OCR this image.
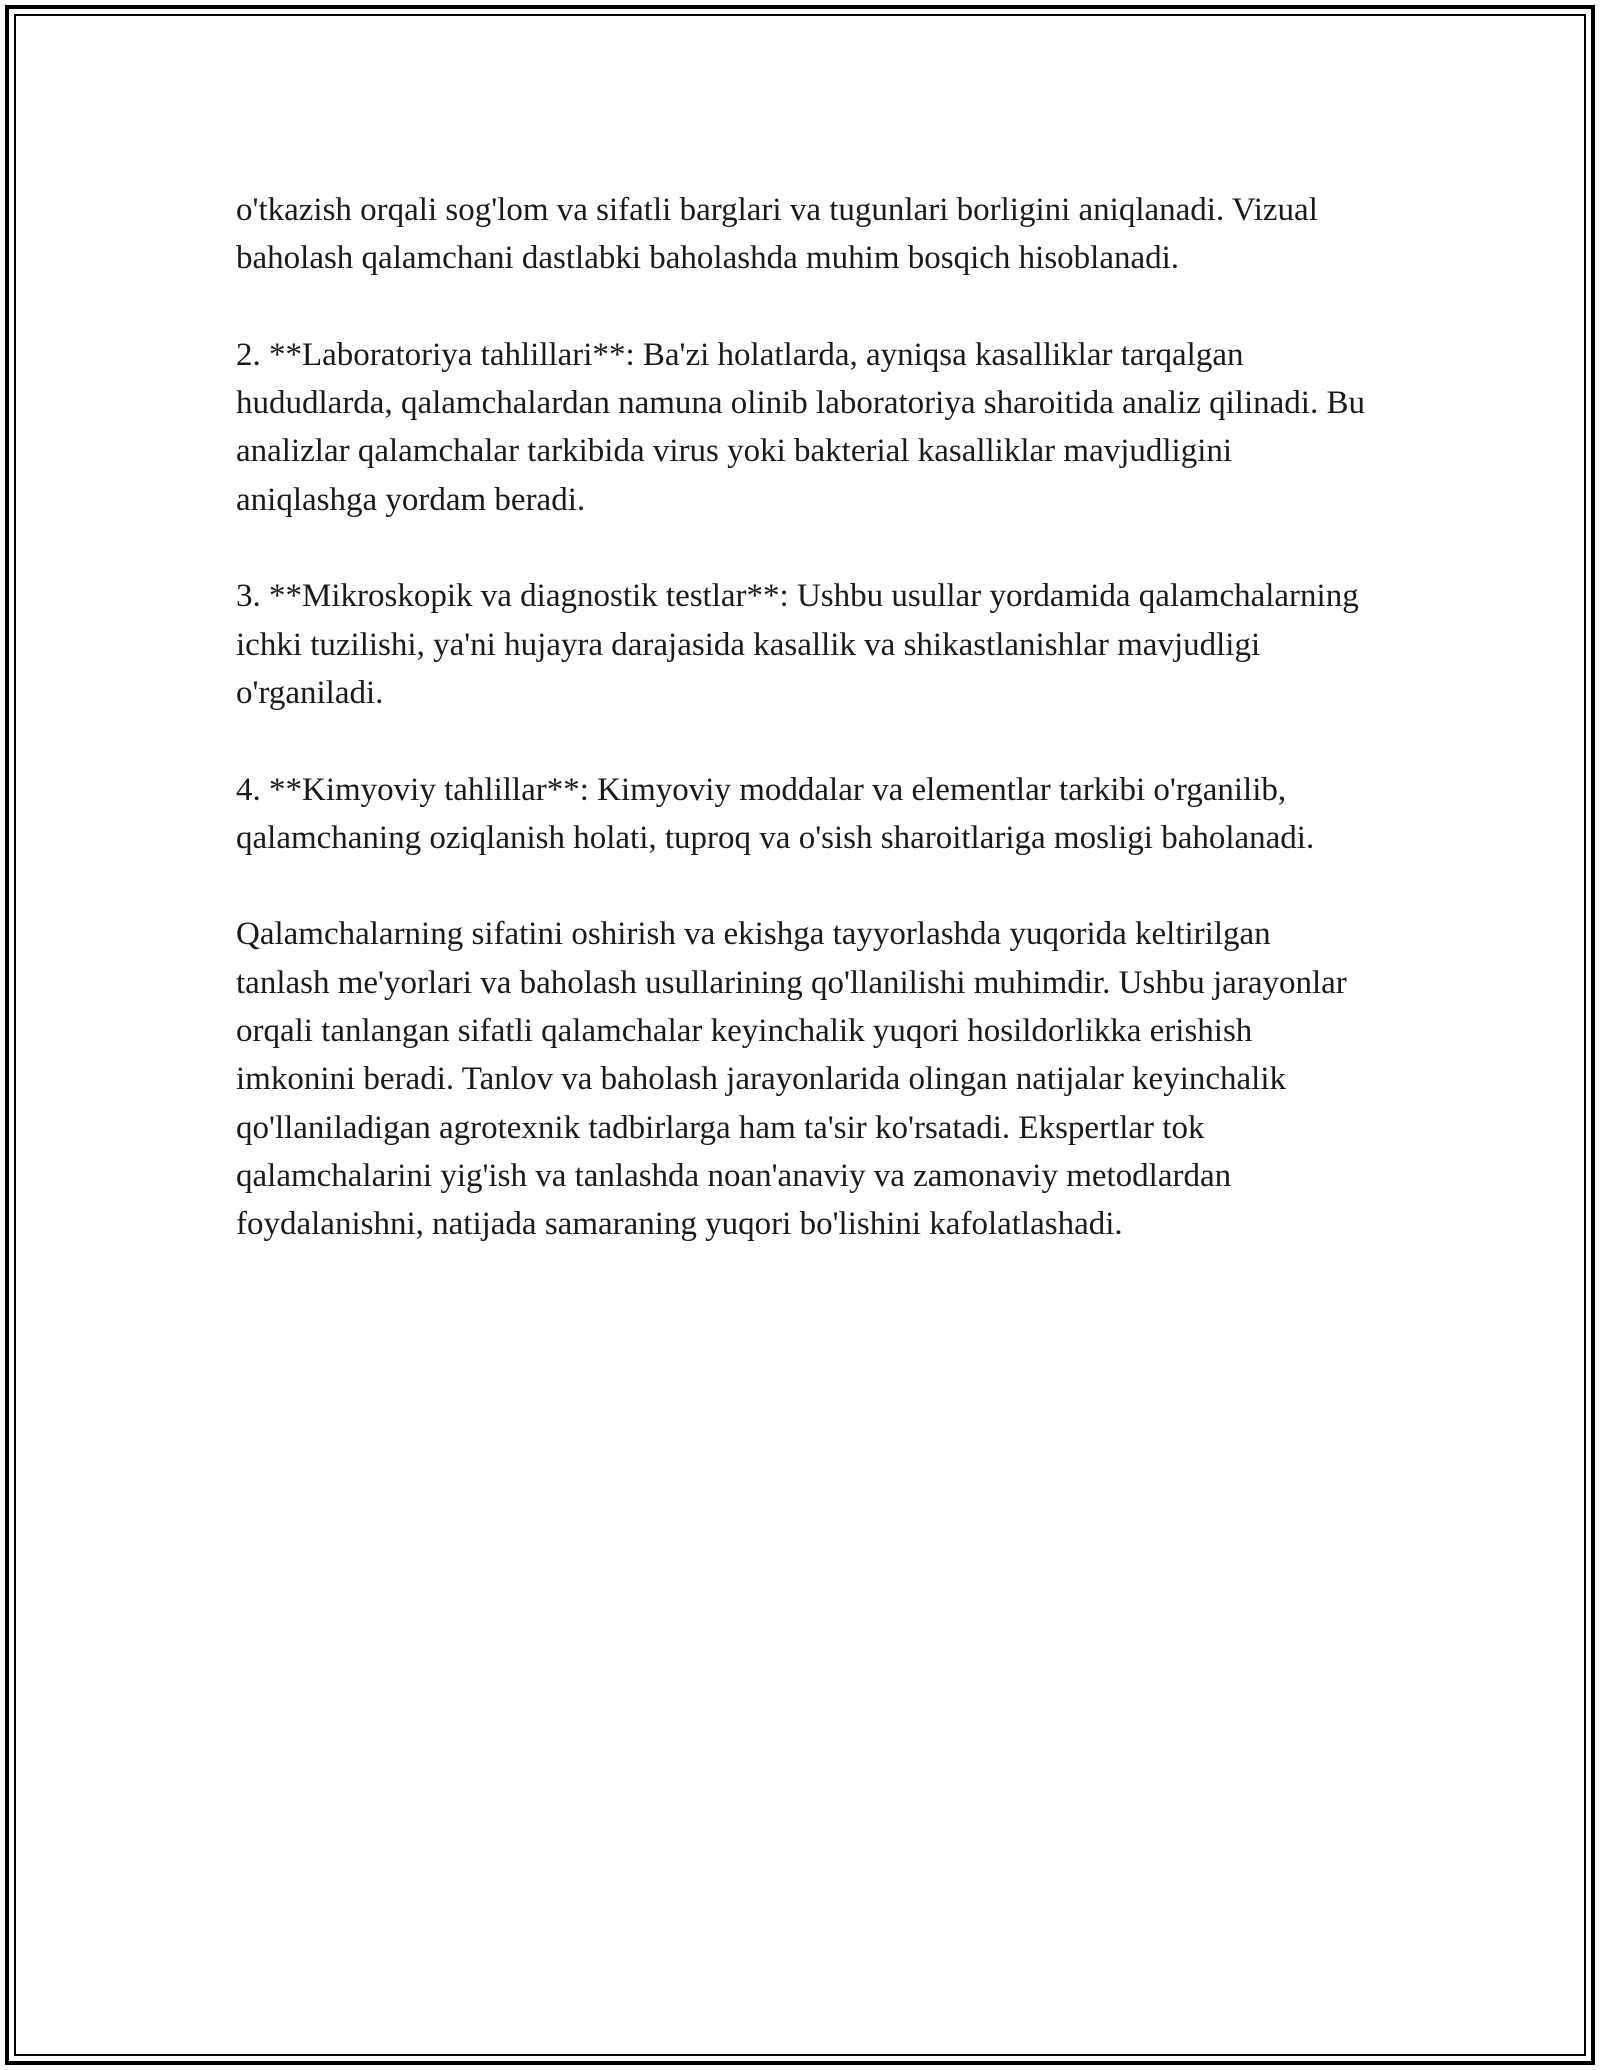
o'tkazish orqali sog'lom va sifatli barglari va tugunlari borligini aniqlanadi. Vizual baholash qalamchani dastlabki baholashda muhim bosqich hisoblanadi.

2. **Laboratoriya tahlillari**: Ba'zi holatlarda, ayniqsa kasalliklar tarqalgan hududlarda, qalamchalardan namuna olinib laboratoriya sharoitida analiz qilinadi. Bu analizlar qalamchalar tarkibida virus yoki bakterial kasalliklar mavjudligini aniqlashga yordam beradi.

3. **Mikroskopik va diagnostik testlar**: Ushbu usullar yordamida qalamchalarning ichki tuzilishi, ya'ni hujayra darajasida kasallik va shikastlanishlar mavjudligi o'rganiladi.

4. **Kimyoviy tahlillar**: Kimyoviy moddalar va elementlar tarkibi o'rganilib, qalamchaning oziqlanish holati, tuproq va o'sish sharoitlariga mosligi baholanadi.

Qalamchalarning sifatini oshirish va ekishga tayyorlashda yuqorida keltirilgan tanlash me'yorlari va baholash usullarining qo'llanilishi muhimdir. Ushbu jarayonlar orqali tanlangan sifatli qalamchalar keyinchalik yuqori hosildorlikka erishish imkonini beradi. Tanlov va baholash jarayonlarida olingan natijalar keyinchalik qo'llaniladigan agrotexnik tadbirlarga ham ta'sir ko'rsatadi. Ekspertlar tok qalamchalarini yig'ish va tanlashda noan'anaviy va zamonaviy metodlardan foydalanishni, natijada samaraning yuqori bo'lishini kafolatlashadi.
